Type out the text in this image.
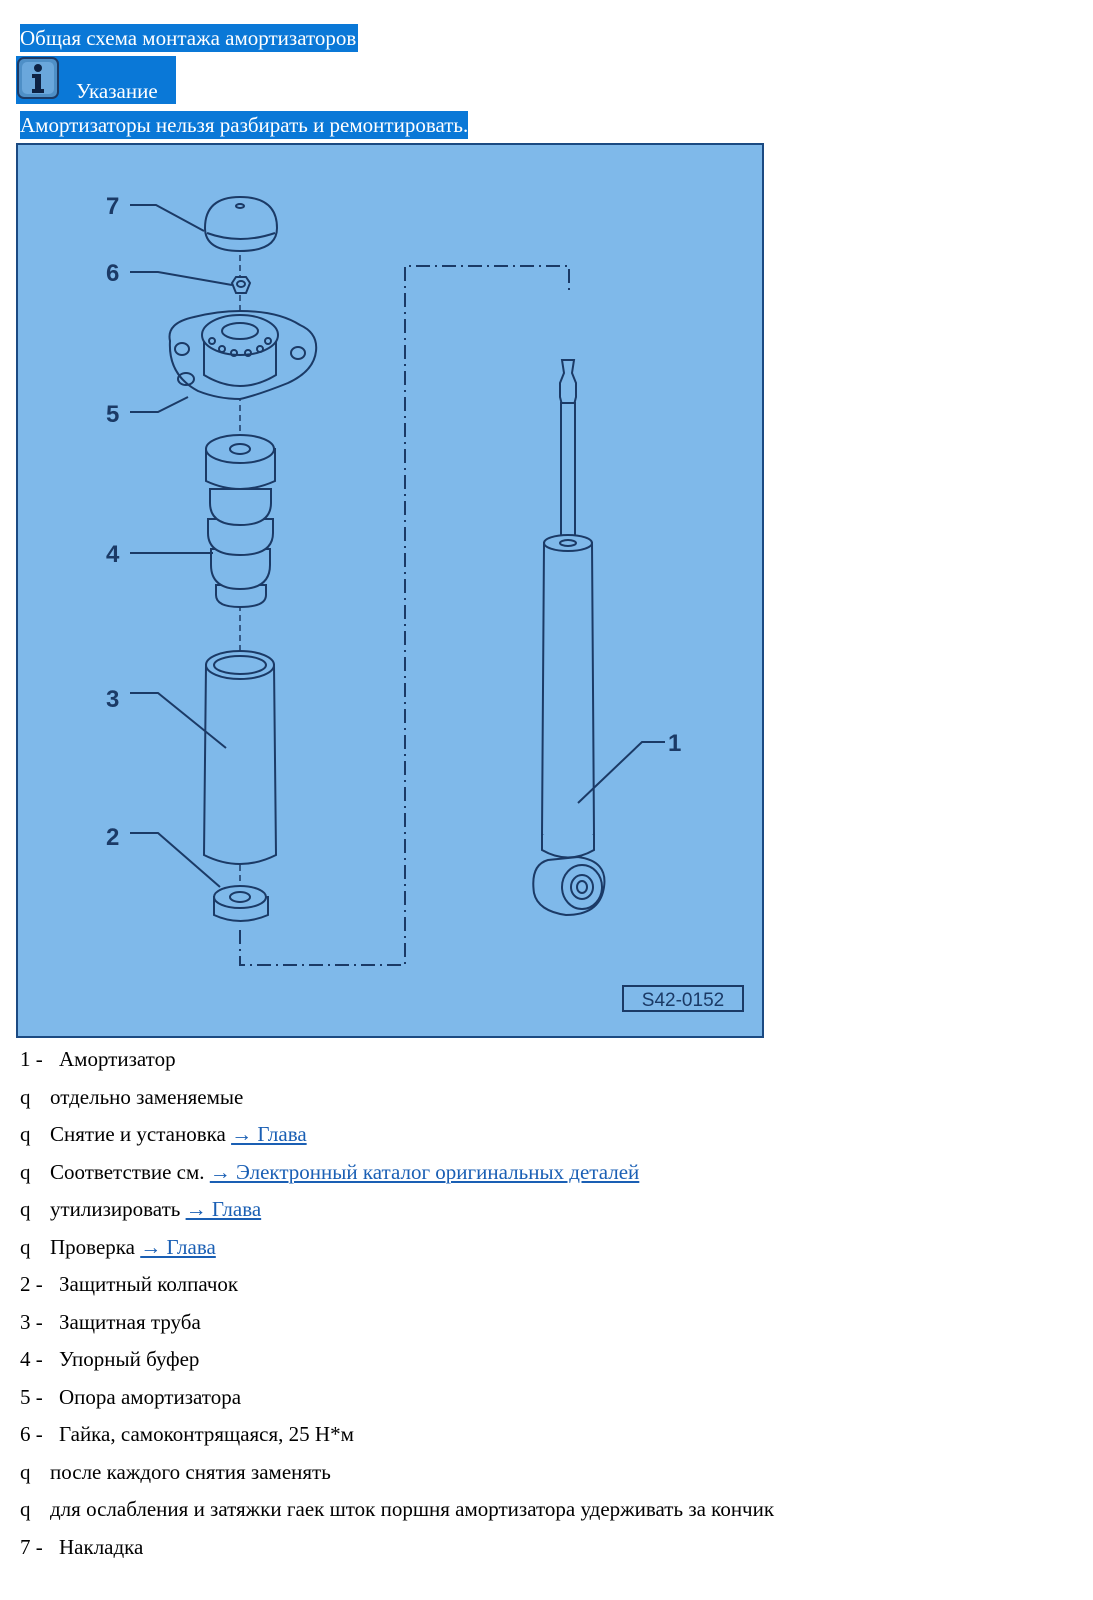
Общая схема монтажа амортизаторов
Указание
Амортизаторы нельзя разбирать и ремонтировать.
7
6
5
4
3
2
1
S42-0152
1 - Амортизатор
q отдельно заменяемые
q Снятие и установка → Глава
q Соответствие см. → Электронный каталог оригинальных деталей
q утилизировать → Глава
q Проверка → Глава
2 - Защитный колпачок
3 - Защитная труба
4 - Упорный буфер
5 - Опора амортизатора
6 - Гайка, самоконтрящаяся, 25 Н*м
q после каждого снятия заменять
q для ослабления и затяжки гаек шток поршня амортизатора удерживать за кончик
7 - Накладка
